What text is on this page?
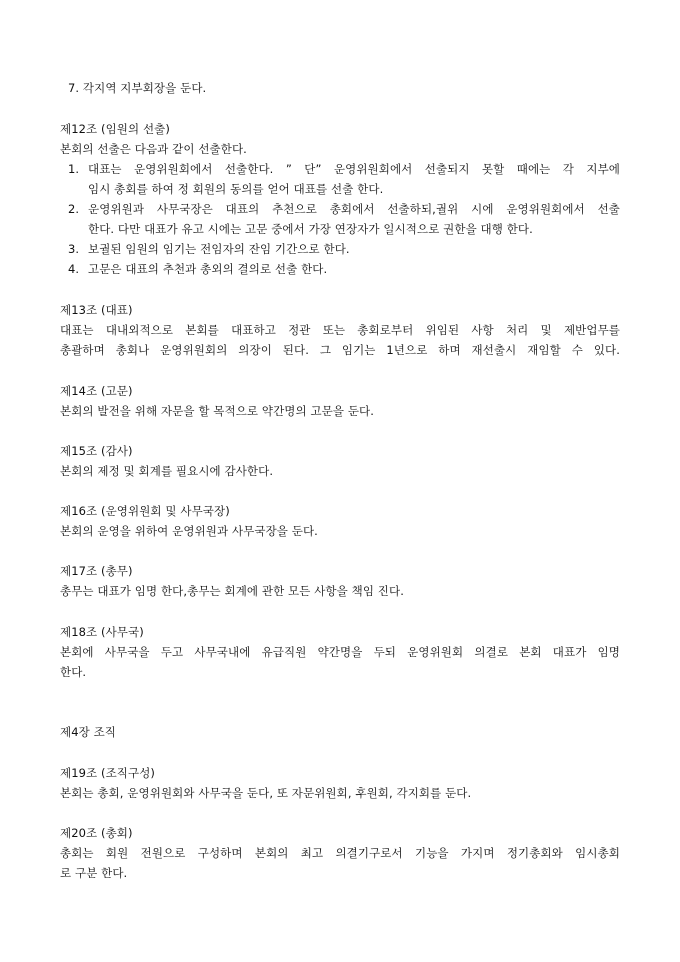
7. 각지역 지부회장을 둔다.
제12조 (임원의 선출)
본회의 선출은 다음과 같이 선출한다.
1. 대표는 운영위원회에서 선출한다. ” 단” 운영위원회에서 선출되지 못할 때에는 각 지부에
임시 총회를 하여 정 회원의 동의를 얻어 대표를 선출 한다.
2. 운영위원과 사무국장은 대표의 추천으로 총회에서 선출하되,궐위 시에 운영위원회에서 선출
한다. 다만 대표가 유고 시에는 고문 중에서 가장 연장자가 일시적으로 권한을 대행 한다.
3. 보궐된 임원의 임기는 전임자의 잔임 기간으로 한다.
4. 고문은 대표의 추천과 총외의 결의로 선출 한다.
제13조 (대표)
대표는 대내외적으로 본회를 대표하고 정관 또는 총회로부터 위임된 사항 처리 및 제반업무를
총괄하며 총회나 운영위원회의 의장이 된다. 그 임기는 1년으로 하며 재선출시 재임할 수 있다.
제14조 (고문)
본회의 발전을 위해 자문을 할 목적으로 약간명의 고문을 둔다.
제15조 (감사)
본회의 제정 및 회계를 필요시에 감사한다.
제16조 (운영위원회 및 사무국장)
본회의 운영을 위하여 운영위원과 사무국장을 둔다.
제17조 (총무)
총무는 대표가 임명 한다,총무는 회계에 관한 모든 사항을 책임 진다.
제18조 (사무국)
본회에 사무국을 두고 사무국내에 유급직원 약간명을 두되 운영위원회 의결로 본회 대표가 임명
한다.
제4장 조직
제19조 (조직구성)
본회는 총회, 운영위원회와 사무국을 둔다, 또 자문위원회, 후원회, 각지회를 둔다.
제20조 (총회)
총회는 회원 전원으로 구성하며 본회의 최고 의결기구로서 기능을 가지며 정기총회와 임시총회
로 구분 한다.
